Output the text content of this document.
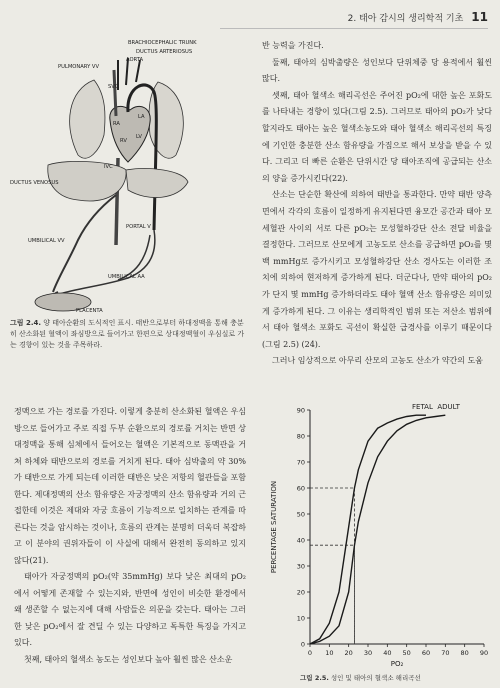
2. 태아 감시의 생리학적 기초 11
BRACHIOCEPHALIC TRUNK
DUCTUS ARTERIOSUS
AORTA
PULMONARY VV
SVC
RA
LA
RV
LV
IVC
DUCTUS VENOSUS
UMBILICAL VV
PORTAL V
UMBILICAL AA
PLACENTA
그림 2.4. 양 태아순환의 도식적인 표시. 태반으로부터 하대정맥을 통해 충분히 산소화된 혈액이 좌심방으로 들어가고 한편으로 상대정맥혈이 우심실로 가는 경향이 있는 것을 주목하라.

반 능력을 가진다.

둘째, 태아의 심박출량은 성인보다 단위체중 당 용적에서 훨씬 많다.

셋째, 태아 혈색소 해리곡선은 주어진 pO₂에 대한 높은 포화도를 나타내는 경향이 있다(그림 2.5). 그러므로 태아의 pO₂가 낮다 할지라도 태아는 높은 혈색소농도와 태아 혈색소 해리곡선의 특징에 기인한 충분한 산소 함유량을 가짐으로 해서 보상을 받을 수 있다. 그리고 더 빠른 순환은 단위시간 당 태아조직에 공급되는 산소의 양을 증가시킨다(22).

산소는 단순한 확산에 의하여 태반을 통과한다. 만약 태반 양측면에서 각각의 흐름이 일정하게 유지된다면 융모간 공간과 태아 모세혈관 사이의 서로 다른 pO₂는 모성혈하강단 산소 전달 비율을 결정한다. 그러므로 산모에게 고농도로 산소를 공급하면 pO₂를 몇 백 mmHg로 증가시키고 모성혈하강단 산소 경사도는 이러한 조치에 의하여 현저하게 증가하게 된다. 더군다나, 만약 태아의 pO₂가 단지 몇 mmHg 증가하더라도 태아 혈액 산소 함유량은 의미있게 증가하게 된다. 그 이유는 생리학적인 범위 또는 저산소 범위에서 태아 혈색소 포화도 곡선이 확실한 급경사를 이루기 때문이다(그림 2.5) (24).

그러나 임상적으로 아무리 산모의 고농도 산소가 약간의 도움

정맥으로 가는 경로를 가진다. 이렇게 충분히 산소화된 혈액은 우심방으로 들어가고 주로 직접 두부 순환으로의 경로를 거치는 반면 상대정맥을 통해 심체에서 들어오는 혈액은 기본적으로 동맥관을 거쳐 하체와 태반으로의 경로를 거치게 된다. 태아 심박출의 약 30%가 태반으로 가게 되는데 이러한 태반은 낮은 저항의 혈관들을 포함한다. 제대정맥의 산소 함유량은 자궁정맥의 산소 함유량과 거의 근접한데 이것은 제대와 자궁 흐름이 기능적으로 일치하는 관계를 따른다는 것을 암시하는 것이나, 흐름의 관계는 분명히 더욱더 복잡하고 이 분야의 권위자들이 이 사실에 대해서 완전히 동의하고 있지 않다(21).

태아가 자궁정맥의 pO₂(약 35mmHg) 보다 낮은 최대의 pO₂에서 어떻게 존재할 수 있는지와, 반면에 성인이 비슷한 환경에서 왜 생존할 수 없는지에 대해 사람들은 의문을 갖는다. 태아는 그러한 낮은 pO₂에서 잘 견딜 수 있는 다양하고 독특한 특징을 가지고 있다.

첫째, 태아의 혈색소 농도는 성인보다 높아 훨씬 많은 산소운

0 10 20 30 40 50 60 70 80 90
0
10
20
30
40
50
60
70
80
90
PO₂
PERCENTAGE SATURATION
FETAL ADULT
그림 2.5. 성인 및 태아의 혈색소 해리곡선
